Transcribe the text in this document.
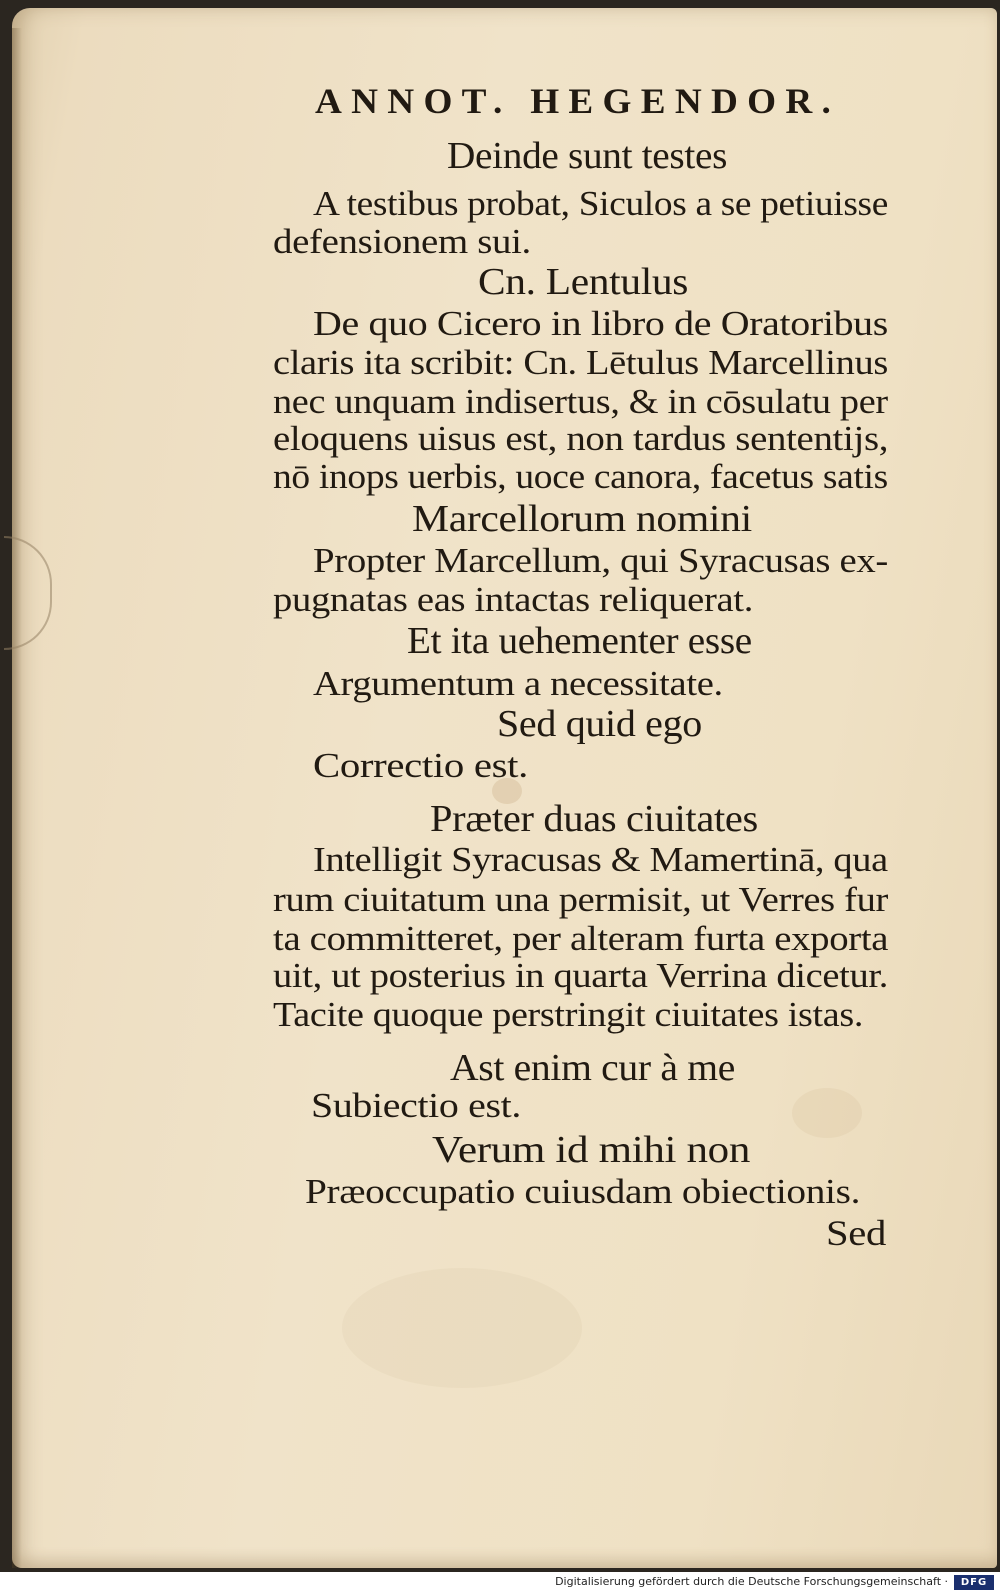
ANNOT. HEGENDOR.
Deinde sunt testes
A testibus probat, Siculos a se petiuisse
defensionem sui.
Cn. Lentulus
De quo Cicero in libro de Oratoribus
claris ita scribit: Cn. Lētulus Marcellinus
nec unquam indisertus, & in cōsulatu per
eloquens uisus est, non tardus sententijs,
nō inops uerbis, uoce canora, facetus satis
Marcellorum nomini
Propter Marcellum, qui Syracusas ex-
pugnatas eas intactas reliquerat.
Et ita uehementer esse
Argumentum a necessitate.
Sed quid ego
Correctio est.
Præter duas ciuitates
Intelligit Syracusas & Mamertinā, qua
rum ciuitatum una permisit, ut Verres fur
ta committeret, per alteram furta exporta
uit, ut posterius in quarta Verrina dicetur.
Tacite quoque perstringit ciuitates istas.
Ast enim cur à me
Subiectio est.
Verum id mihi non
Præoccupatio cuiusdam obiectionis.
Sed
Digitalisierung gefördert durch die Deutsche Forschungsgemeinschaft ·	DFG
